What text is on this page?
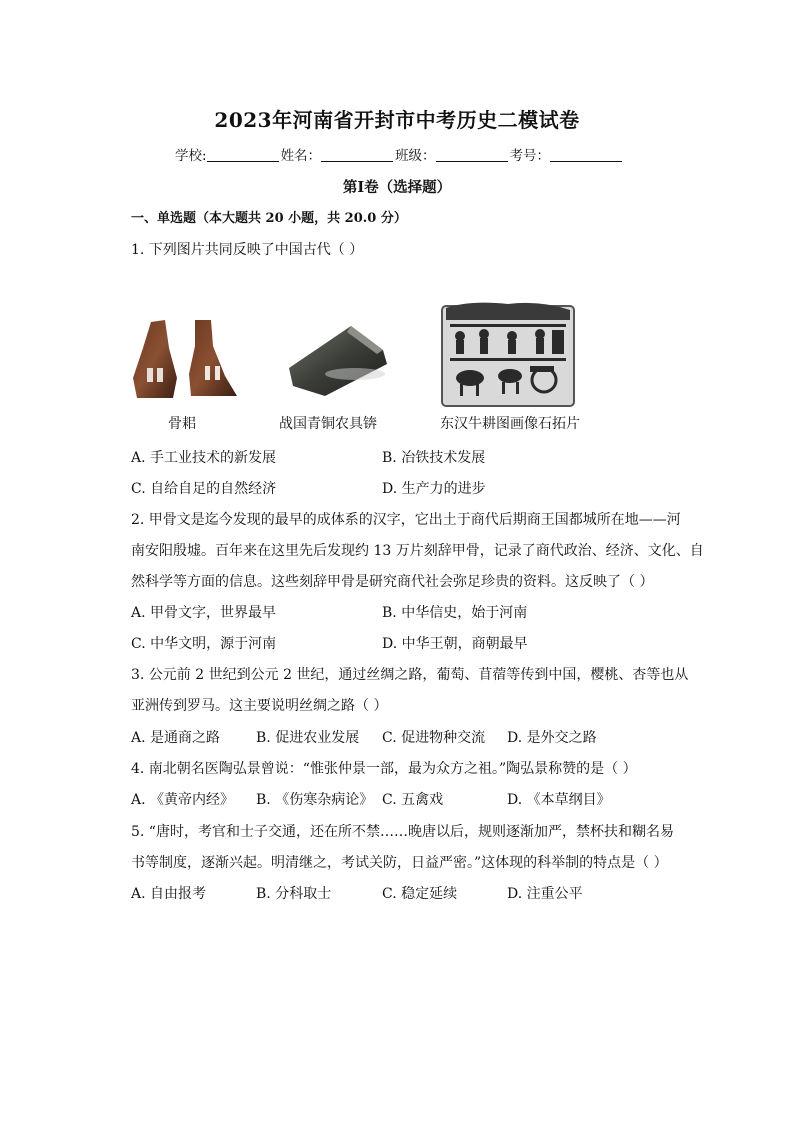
2023年河南省开封市中考历史二模试卷
学校:	姓名：	班级：	考号：
第I卷（选择题）
一、单选题（本大题共 20 小题，共 20.0 分）
1. 下列图片共同反映了中国古代（ ）
骨耜	战国青铜农具锛	东汉牛耕图画像石拓片
A. 手工业技术的新发展	B. 冶铁技术发展
C. 自给自足的自然经济	D. 生产力的进步
2. 甲骨文是迄今发现的最早的成体系的汉字，它出土于商代后期商王国都城所在地——河
南安阳殷墟。百年来在这里先后发现约 13 万片刻辞甲骨，记录了商代政治、经济、文化、自
然科学等方面的信息。这些刻辞甲骨是研究商代社会弥足珍贵的资料。这反映了（ ）
A. 甲骨文字，世界最早	B. 中华信史，始于河南
C. 中华文明，源于河南	D. 中华王朝，商朝最早
3. 公元前 2 世纪到公元 2 世纪，通过丝绸之路，葡萄、苜蓿等传到中国，樱桃、杏等也从
亚洲传到罗马。这主要说明丝绸之路（ ）
A. 是通商之路	B. 促进农业发展 C. 促进物种交流 D. 是外交之路
4. 南北朝名医陶弘景曾说：“惟张仲景一部，最为众方之祖。”陶弘景称赞的是（ ）
A. 《黄帝内经》 B. 《伤寒杂病论》 C. 五禽戏	D. 《本草纲目》
5. “唐时，考官和士子交通，还在所不禁……晚唐以后，规则逐渐加严，禁杯扶和糊名易
书等制度，逐渐兴起。明清继之，考试关防，日益严密。”这体现的科举制的特点是（ ）
A. 自由报考	B. 分科取士	C. 稳定延续	D. 注重公平
